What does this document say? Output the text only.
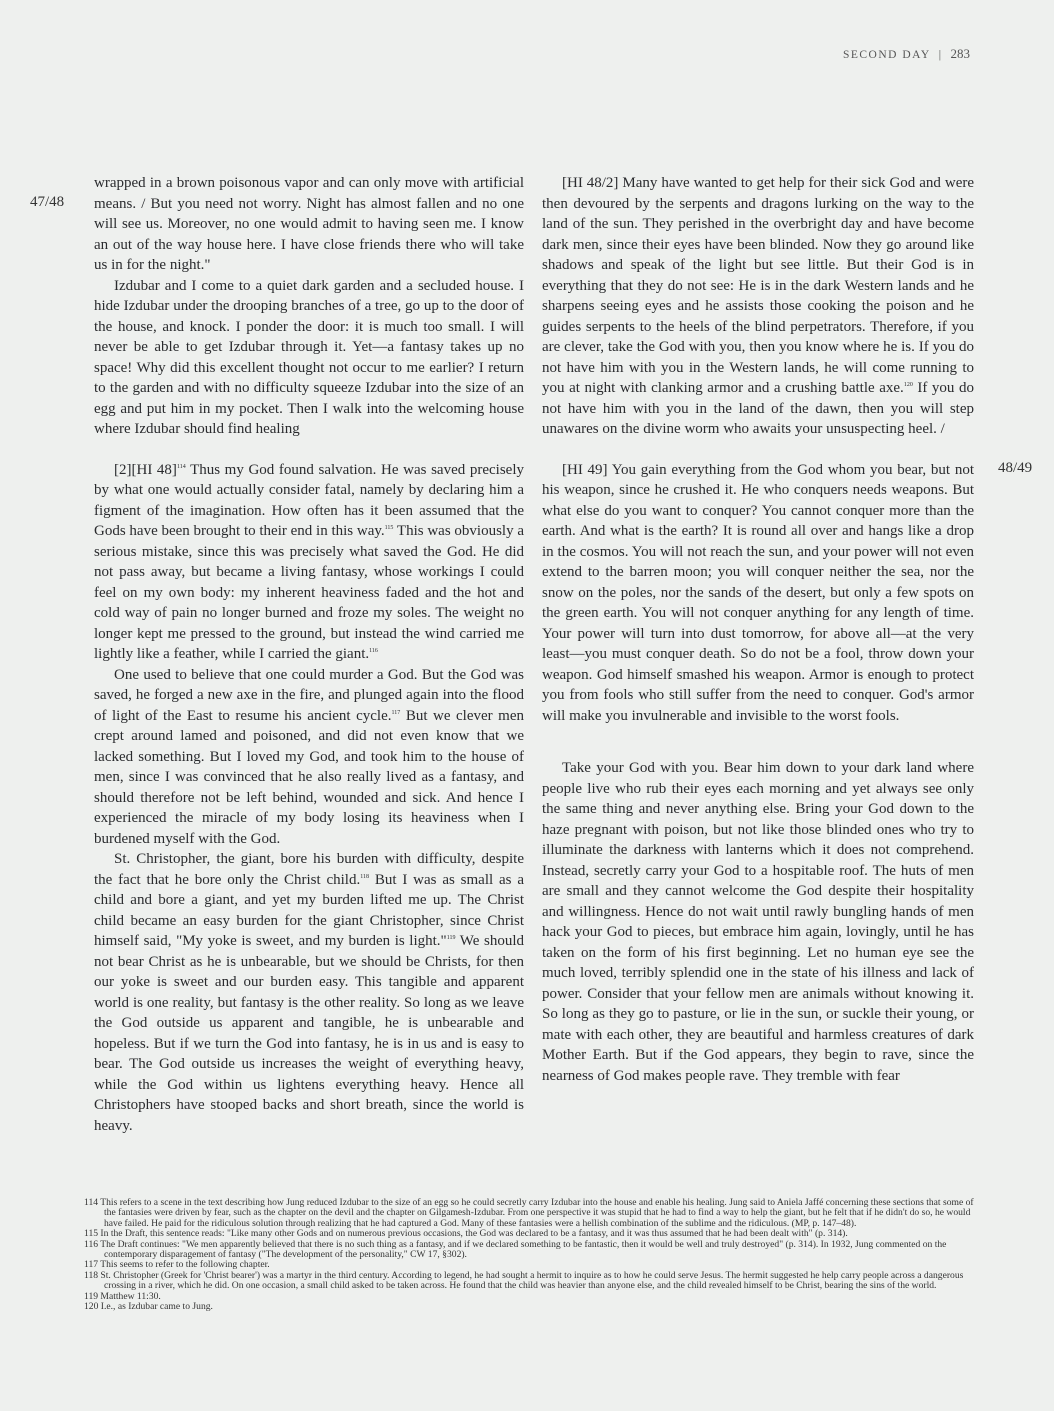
SECOND DAY | 283
47/48
48/49

wrapped in a brown poisonous vapor and can only move with artificial means. / But you need not worry. Night has almost fallen and no one will see us. Moreover, no one would admit to having seen me. I know an out of the way house here. I have close friends there who will take us in for the night."

Izdubar and I come to a quiet dark garden and a secluded house. I hide Izdubar under the drooping branches of a tree, go up to the door of the house, and knock. I ponder the door: it is much too small. I will never be able to get Izdubar through it. Yet—a fantasy takes up no space! Why did this excellent thought not occur to me earlier? I return to the garden and with no difficulty squeeze Izdubar into the size of an egg and put him in my pocket. Then I walk into the welcoming house where Izdubar should find healing

[2][HI 48]$^{114}$ Thus my God found salvation. He was saved precisely by what one would actually consider fatal, namely by declaring him a figment of the imagination. How often has it been assumed that the Gods have been brought to their end in this way.$^{115}$ This was obviously a serious mistake, since this was precisely what saved the God. He did not pass away, but became a living fantasy, whose workings I could feel on my own body: my inherent heaviness faded and the hot and cold way of pain no longer burned and froze my soles. The weight no longer kept me pressed to the ground, but instead the wind carried me lightly like a feather, while I carried the giant.$^{116}$

One used to believe that one could murder a God. But the God was saved, he forged a new axe in the fire, and plunged again into the flood of light of the East to resume his ancient cycle.$^{117}$ But we clever men crept around lamed and poisoned, and did not even know that we lacked something. But I loved my God, and took him to the house of men, since I was convinced that he also really lived as a fantasy, and should therefore not be left behind, wounded and sick. And hence I experienced the miracle of my body losing its heaviness when I burdened myself with the God.

St. Christopher, the giant, bore his burden with difficulty, despite the fact that he bore only the Christ child.$^{118}$ But I was as small as a child and bore a giant, and yet my burden lifted me up. The Christ child became an easy burden for the giant Christopher, since Christ himself said, "My yoke is sweet, and my burden is light."$^{119}$ We should not bear Christ as he is unbearable, but we should be Christs, for then our yoke is sweet and our burden easy. This tangible and apparent world is one reality, but fantasy is the other reality. So long as we leave the God outside us apparent and tangible, he is unbearable and hopeless. But if we turn the God into fantasy, he is in us and is easy to bear. The God outside us increases the weight of everything heavy, while the God within us lightens everything heavy. Hence all Christophers have stooped backs and short breath, since the world is heavy.

[HI 48/2] Many have wanted to get help for their sick God and were then devoured by the serpents and dragons lurking on the way to the land of the sun. They perished in the overbright day and have become dark men, since their eyes have been blinded. Now they go around like shadows and speak of the light but see little. But their God is in everything that they do not see: He is in the dark Western lands and he sharpens seeing eyes and he assists those cooking the poison and he guides serpents to the heels of the blind perpetrators. Therefore, if you are clever, take the God with you, then you know where he is. If you do not have him with you in the Western lands, he will come running to you at night with clanking armor and a crushing battle axe.$^{120}$ If you do not have him with you in the land of the dawn, then you will step unawares on the divine worm who awaits your unsuspecting heel. /

[HI 49] You gain everything from the God whom you bear, but not his weapon, since he crushed it. He who conquers needs weapons. But what else do you want to conquer? You cannot conquer more than the earth. And what is the earth? It is round all over and hangs like a drop in the cosmos. You will not reach the sun, and your power will not even extend to the barren moon; you will conquer neither the sea, nor the snow on the poles, nor the sands of the desert, but only a few spots on the green earth. You will not conquer anything for any length of time. Your power will turn into dust tomorrow, for above all—at the very least—you must conquer death. So do not be a fool, throw down your weapon. God himself smashed his weapon. Armor is enough to protect you from fools who still suffer from the need to conquer. God's armor will make you invulnerable and invisible to the worst fools.

Take your God with you. Bear him down to your dark land where people live who rub their eyes each morning and yet always see only the same thing and never anything else. Bring your God down to the haze pregnant with poison, but not like those blinded ones who try to illuminate the darkness with lanterns which it does not comprehend. Instead, secretly carry your God to a hospitable roof. The huts of men are small and they cannot welcome the God despite their hospitality and willingness. Hence do not wait until rawly bungling hands of men hack your God to pieces, but embrace him again, lovingly, until he has taken on the form of his first beginning. Let no human eye see the much loved, terribly splendid one in the state of his illness and lack of power. Consider that your fellow men are animals without knowing it. So long as they go to pasture, or lie in the sun, or suckle their young, or mate with each other, they are beautiful and harmless creatures of dark Mother Earth. But if the God appears, they begin to rave, since the nearness of God makes people rave. They tremble with fear

114 This refers to a scene in the text describing how Jung reduced Izdubar to the size of an egg so he could secretly carry Izdubar into the house and enable his healing. Jung said to Aniela Jaffé concerning these sections that some of the fantasies were driven by fear, such as the chapter on the devil and the chapter on Gilgamesh-Izdubar. From one perspective it was stupid that he had to find a way to help the giant, but he felt that if he didn't do so, he would have failed. He paid for the ridiculous solution through realizing that he had captured a God. Many of these fantasies were a hellish combination of the sublime and the ridiculous. (MP, p. 147–48).

115 In the Draft, this sentence reads: "Like many other Gods and on numerous previous occasions, the God was declared to be a fantasy, and it was thus assumed that he had been dealt with" (p. 314).

116 The Draft continues: "We men apparently believed that there is no such thing as a fantasy, and if we declared something to be fantastic, then it would be well and truly destroyed" (p. 314). In 1932, Jung commented on the contemporary disparagement of fantasy ("The development of the personality," CW 17, §302).

117 This seems to refer to the following chapter.

118 St. Christopher (Greek for 'Christ bearer') was a martyr in the third century. According to legend, he had sought a hermit to inquire as to how he could serve Jesus. The hermit suggested he help carry people across a dangerous crossing in a river, which he did. On one occasion, a small child asked to be taken across. He found that the child was heavier than anyone else, and the child revealed himself to be Christ, bearing the sins of the world.

119 Matthew 11:30.

120 I.e., as Izdubar came to Jung.
